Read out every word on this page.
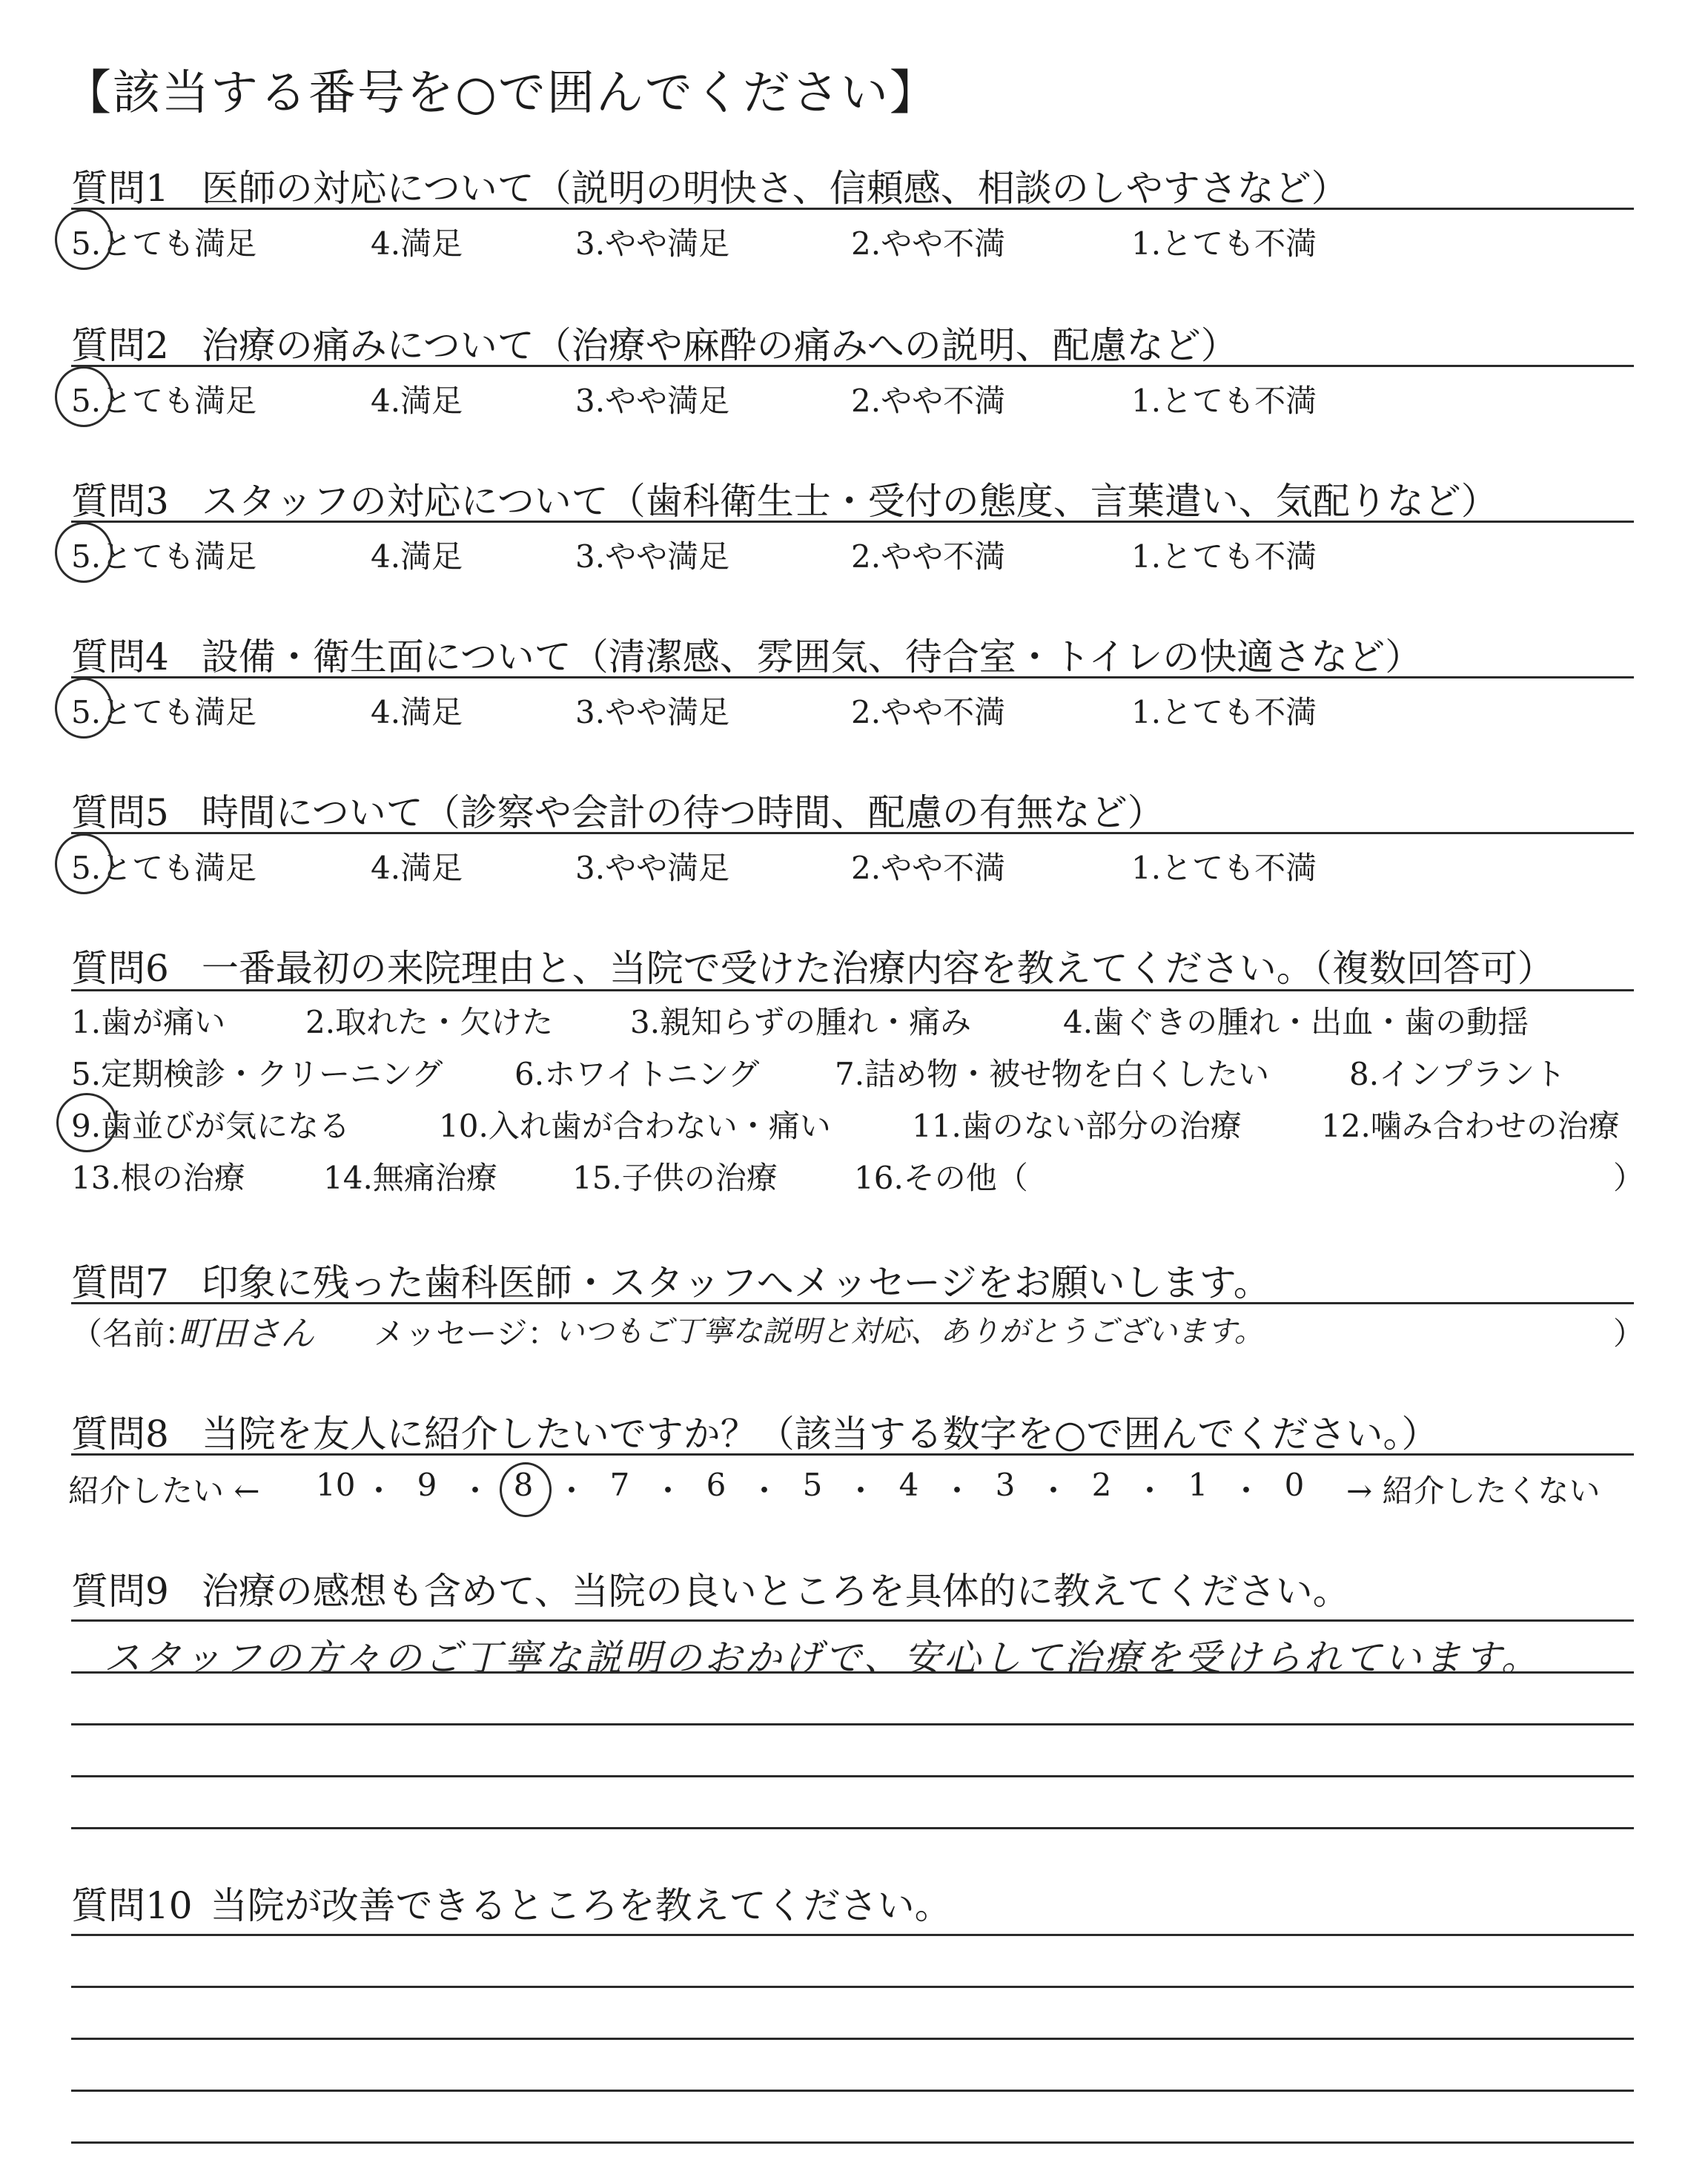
【該当する番号を○で囲んでください】
質問1 医師の対応について（説明の明快さ、信頼感、相談のしやすさなど）
5.とても満足	4.満足	3.やや満足	2.やや不満	1.とても不満
質問2 治療の痛みについて（治療や麻酔の痛みへの説明、配慮など）
5.とても満足	4.満足	3.やや満足	2.やや不満	1.とても不満
質問3 スタッフの対応について（歯科衛生士・受付の態度、言葉遣い、気配りなど）
5.とても満足	4.満足	3.やや満足	2.やや不満	1.とても不満
質問4 設備・衛生面について（清潔感、雰囲気、待合室・トイレの快適さなど）
5.とても満足	4.満足	3.やや満足	2.やや不満	1.とても不満
質問5 時間について（診察や会計の待つ時間、配慮の有無など）
5.とても満足	4.満足	3.やや満足	2.やや不満	1.とても不満
質問6 一番最初の来院理由と、当院で受けた治療内容を教えてください。（複数回答可）
1.歯が痛い	2.取れた・欠けた 3.親知らずの腫れ・痛み	4.歯ぐきの腫れ・出血・歯の動揺
5.定期検診・クリーニング 6.ホワイトニング 7.詰め物・被せ物を白くしたい	8.インプラント
9.歯並びが気になる	10.入れ歯が合わない・痛い	11.歯のない部分の治療	12.噛み合わせの治療
13.根の治療	14.無痛治療 15.子供の治療 16.その他（	）
質問7 印象に残った歯科医師・スタッフへメッセージをお願いします。
（名前：
町田さん メッセージ：
いつもご丁寧な説明と対応、ありがとうございます。	）
質問8 当院を友人に紹介したいですか？（該当する数字を○で囲んでください。）
紹介したい ← 10 ・ 9 ・ 8 ・ 7 ・ 6 ・ 5 ・ 4 ・ 3 ・ 2 ・ 1 ・ 0 → 紹介したくない
質問9 治療の感想も含めて、当院の良いところを具体的に教えてください。
スタッフの方々のご丁寧な説明のおかげで、安心して治療を受けられています。
質問10 当院が改善できるところを教えてください。
